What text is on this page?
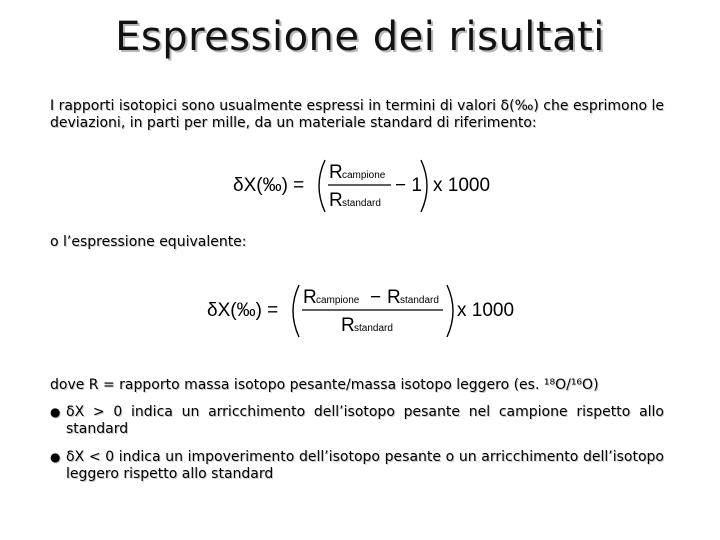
Espressione dei risultati
I rapporti isotopici sono usualmente espressi in termini di valori δ(‰) che esprimono le deviazioni, in parti per mille, da un materiale standard di riferimento:
δX(‰) =
R campione
R standard
− 1 x 1000
o l’espressione equivalente:
δX(‰) =
R campione − R standard
R standard
x 1000
dove R = rapporto massa isotopo pesante/massa isotopo leggero (es. ¹⁸O/¹⁶O)
● δX > 0 indica un arricchimento dell’isotopo pesante nel campione rispetto allo standard
● δX < 0 indica un impoverimento dell’isotopo pesante o un arricchimento dell’isotopo leggero rispetto allo standard
